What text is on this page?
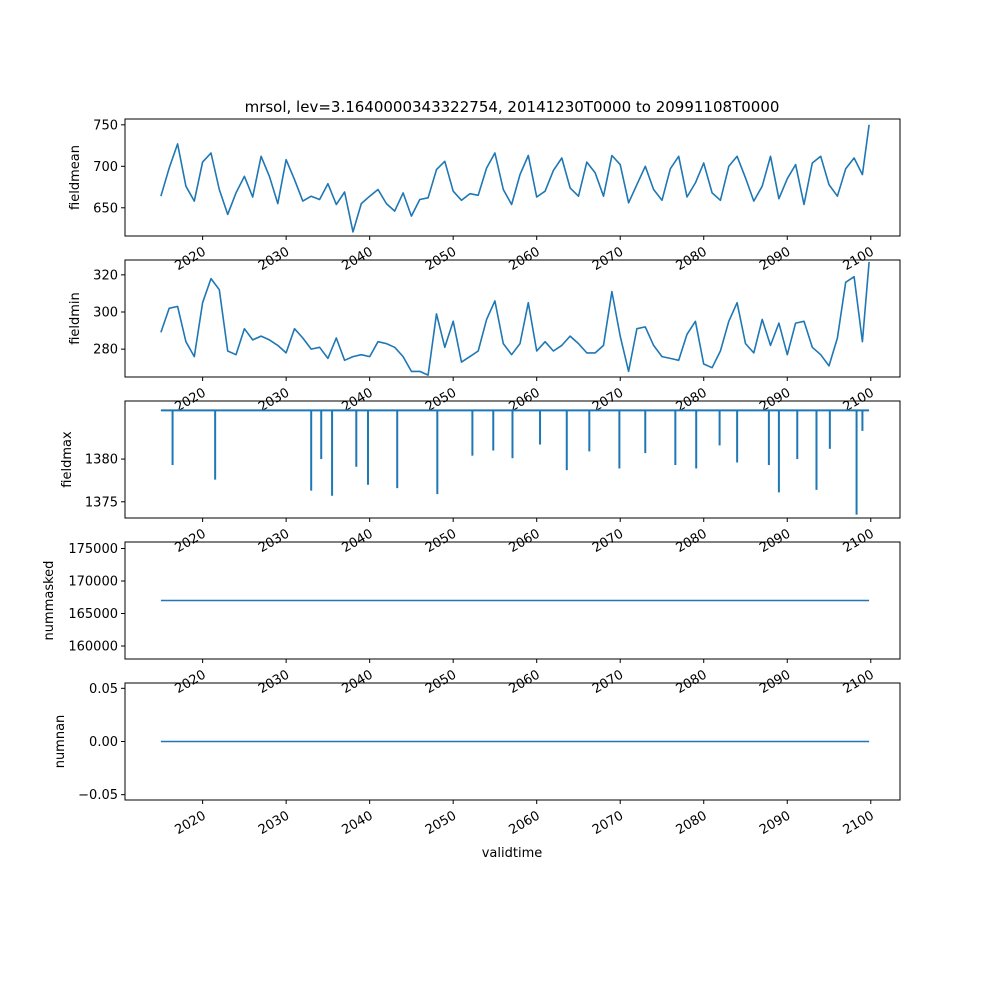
mrsol, lev=3.1640000343322754, 20141230T0000 to 20991108T0000
650
700
750
fieldmean
2020	2030	2040	2050	2060	2070	2080	2090	2100
280
300
320
fieldmin
2020	2030	2040	2050	2060	2070	2080	2090	2100
1375
1380
fieldmax
2020	2030	2040	2050	2060	2070	2080	2090	2100
160000
165000
170000
175000
nummasked
2020	2030	2040	2050	2060	2070	2080	2090	2100
−0.05
0.00
0.05
numnan
2020	2030	2040	2050	2060	2070	2080	2090	2100
validtime
